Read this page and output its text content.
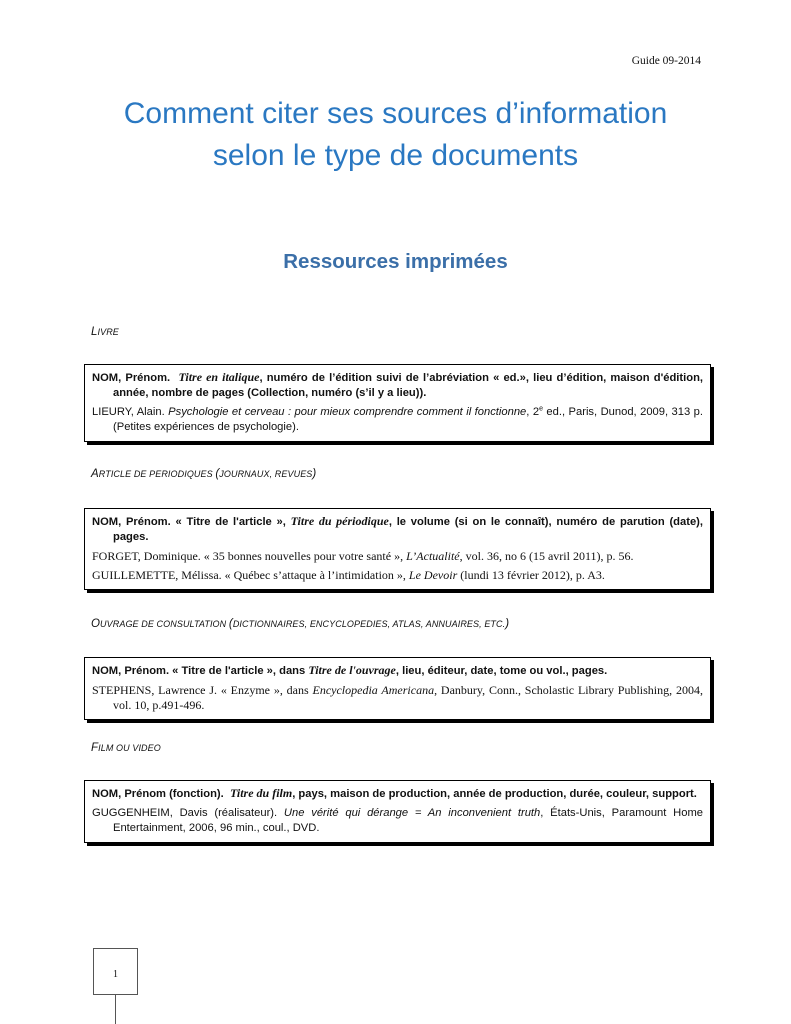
Guide 09-2014
Comment citer ses sources d’information
selon le type de documents
Ressources imprimées
LIVRE

NOM, Prénom. Titre en italique, numéro de l’édition suivi de l’abréviation « ed.», lieu d’édition, maison d'édition, année, nombre de pages (Collection, numéro (s’il y a lieu)).

LIEURY, Alain. Psychologie et cerveau : pour mieux comprendre comment il fonctionne, 2e ed., Paris, Dunod, 2009, 313 p. (Petites expériences de psychologie).

ARTICLE DE PERIODIQUES (JOURNAUX, REVUES)

NOM, Prénom. « Titre de l'article », Titre du périodique, le volume (si on le connaît), numéro de parution (date), pages.

FORGET, Dominique. « 35 bonnes nouvelles pour votre santé », L’Actualité, vol. 36, no 6 (15 avril 2011), p. 56.

GUILLEMETTE, Mélissa. « Québec s’attaque à l’intimidation », Le Devoir (lundi 13 février 2012), p. A3.

OUVRAGE DE CONSULTATION (DICTIONNAIRES, ENCYCLOPEDIES, ATLAS, ANNUAIRES, ETC.)

NOM, Prénom. « Titre de l'article », dans Titre de l'ouvrage, lieu, éditeur, date, tome ou vol., pages.

STEPHENS, Lawrence J. « Enzyme », dans Encyclopedia Americana, Danbury, Conn., Scholastic Library Publishing, 2004, vol. 10, p.491-496.

FILM OU VIDEO

NOM, Prénom (fonction). Titre du film, pays, maison de production, année de production, durée, couleur, support.

GUGGENHEIM, Davis (réalisateur). Une vérité qui dérange = An inconvenient truth, États-Unis, Paramount Home Entertainment, 2006, 96 min., coul., DVD.

1
